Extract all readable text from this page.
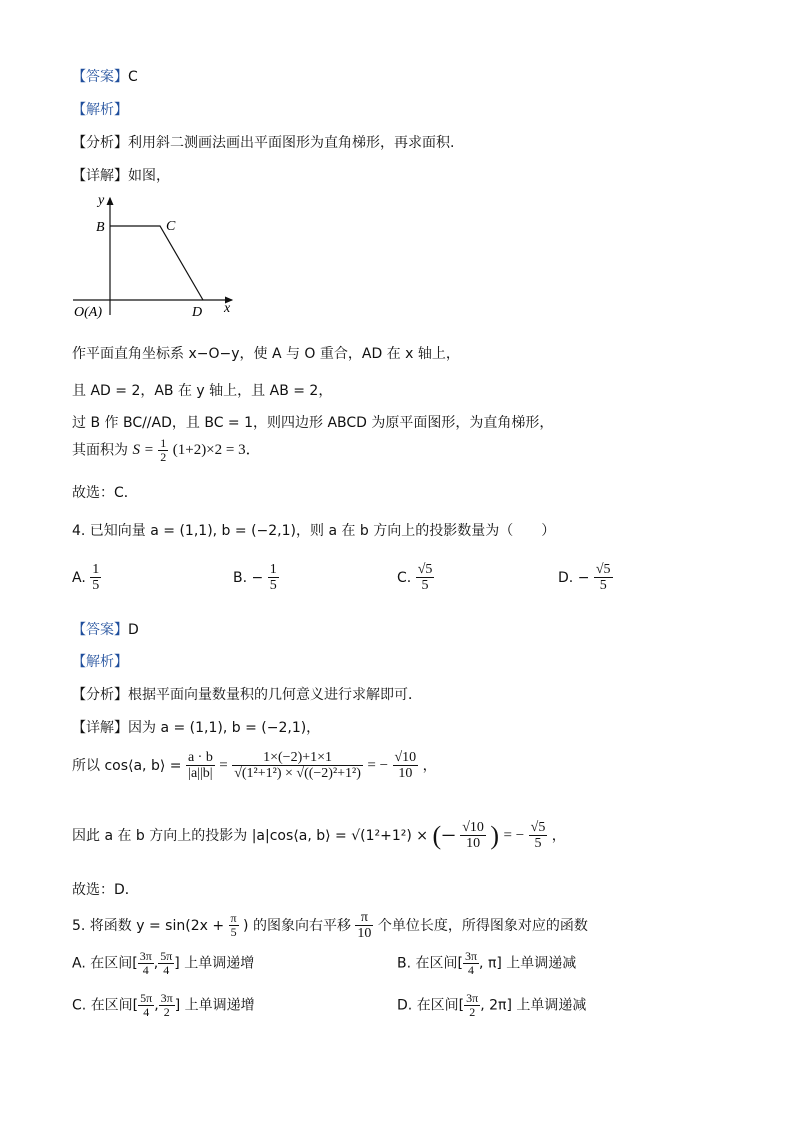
【答案】C
【解析】
【分析】利用斜二测画法画出平面图形为直角梯形，再求面积.
【详解】如图，
y
B	C
O(A)	D x
作平面直角坐标系 x−O−y，使 A 与 O 重合，AD 在 x 轴上，
且 AD = 2，AB 在 y 轴上，且 AB = 2，
过 B 作 BC//AD，且 BC = 1，则四边形 ABCD 为原平面图形，为直角梯形，
其面积为 $S = \frac{1}{2} (1+2)\times 2 = 3$．
故选：C．
4. 已知向量 a = (1,1), b = (−2,1)，则 a 在 b 方向上的投影数量为（　　）
A. $\frac{1}{5}$	B. − $\frac{1}{5}$	C. $\frac{√5}{5}$	D. − $\frac{√5}{5}$
【答案】D
【解析】
【分析】根据平面向量数量积的几何意义进行求解即可．
【详解】因为 a = (1,1), b = (−2,1)，
所以 cos⟨a, b⟩ = $\frac{a \cdot b}{|a||b|} = \frac{1\times(-2)+1\times 1}{\text{√(1²+1²) × √((−2)²+1²)}}$ = − $\frac{√10}{10}$ ，
因此 a 在 b 方向上的投影为 |a|cos⟨a, b⟩ = √(1²+1²) × (− $\frac{√10}{10}$ ) = − $\frac{√5}{5}$ ，
故选：D．
5. 将函数 $y = \sin(2x + \frac{\pi}{5}$ ) 的图象向右平移 $\frac{\pi}{10}$ 个单位长度，所得图象对应的函数
A. 在区间[ $\frac{3\pi}{4}$ , $\frac{5\pi}{4}$ ] 上单调递增	B. 在区间[ $\frac{3\pi}{4}$ , π] 上单调递减
C. 在区间[ $\frac{5\pi}{4}$ , $\frac{3\pi}{2}$ ] 上单调递增	D. 在区间[ $\frac{3\pi}{2}$ , 2π] 上单调递减
